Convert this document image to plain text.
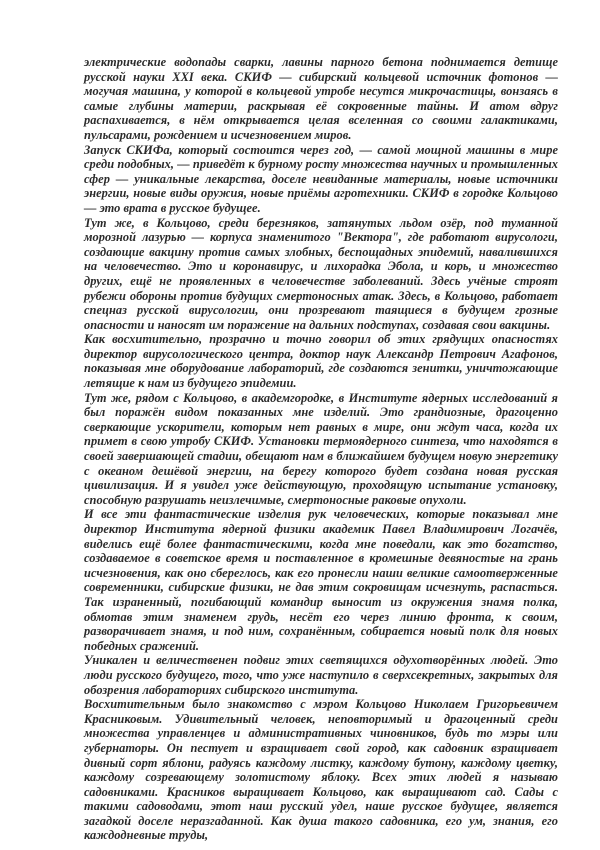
электрические водопады сварки, лавины парного бетона поднимается детище русской науки XXI века. СКИФ — сибирский кольцевой источник фотонов — могучая машина, у которой в кольцевой утробе несутся микрочастицы, вонзаясь в самые глубины материи, раскрывая её сокровенные тайны. И атом вдруг распахивается, в нём открывается целая вселенная со своими галактиками, пульсарами, рождением и исчезновением миров.

Запуск СКИФа, который состоится через год, — самой мощной машины в мире среди подобных, — приведёт к бурному росту множества научных и промышленных сфер — уникальные лекарства, доселе невиданные материалы, новые источники энергии, новые виды оружия, новые приёмы агротехники. СКИФ в городке Кольцово — это врата в русское будущее.

Тут же, в Кольцово, среди березняков, затянутых льдом озёр, под туманной морозной лазурью — корпуса знаменитого "Вектора", где работают вирусологи, создающие вакцину против самых злобных, беспощадных эпидемий, навалившихся на человечество. Это и коронавирус, и лихорадка Эбола, и корь, и множество других, ещё не проявленных в человечестве заболеваний. Здесь учёные строят рубежи обороны против будущих смертоносных атак. Здесь, в Кольцово, работает спецназ русской вирусологии, они прозревают таящиеся в будущем грозные опасности и наносят им поражение на дальних подступах, создавая свои вакцины.

Как восхитительно, прозрачно и точно говорил об этих грядущих опасностях директор вирусологического центра, доктор наук Александр Петрович Агафонов, показывая мне оборудование лабораторий, где создаются зенитки, уничтожающие летящие к нам из будущего эпидемии.

Тут же, рядом с Кольцово, в академгородке, в Институте ядерных исследований я был поражён видом показанных мне изделий. Это грандиозные, драгоценно сверкающие ускорители, которым нет равных в мире, они ждут часа, когда их примет в свою утробу СКИФ. Установки термоядерного синтеза, что находятся в своей завершающей стадии, обещают нам в ближайшем будущем новую энергетику с океаном дешёвой энергии, на берегу которого будет создана новая русская цивилизация. И я увидел уже действующую, проходящую испытание установку, способную разрушать неизлечимые, смертоносные раковые опухоли.

И все эти фантастические изделия рук человеческих, которые показывал мне директор Института ядерной физики академик Павел Владимирович Логачёв, виделись ещё более фантастическими, когда мне поведали, как это богатство, создаваемое в советское время и поставленное в кромешные девяностые на грань исчезновения, как оно сбереглось, как его пронесли наши великие самоотверженные современники, сибирские физики, не дав этим сокровищам исчезнуть, распасться. Так израненный, погибающий командир выносит из окружения знамя полка, обмотав этим знаменем грудь, несёт его через линию фронта, к своим, разворачивает знамя, и под ним, сохранённым, собирается новый полк для новых победных сражений.

Уникален и величественен подвиг этих светящихся одухотворённых людей. Это люди русского будущего, того, что уже наступило в сверхсекретных, закрытых для обозрения лабораториях сибирского института.

Восхитительным было знакомство с мэром Кольцово Николаем Григорьевичем Красниковым. Удивительный человек, неповторимый и драгоценный среди множества управленцев и административных чиновников, будь то мэры или губернаторы. Он пестует и взращивает свой город, как садовник взращивает дивный сорт яблони, радуясь каждому листку, каждому бутону, каждому цветку, каждому созревающему золотистому яблоку. Всех этих людей я называю садовниками. Красников выращивает Кольцово, как выращивают сад. Сады с такими садоводами, этот наш русский удел, наше русское будущее, является загадкой доселе неразгаданной. Как душа такого садовника, его ум, знания, его каждодневные труды,
